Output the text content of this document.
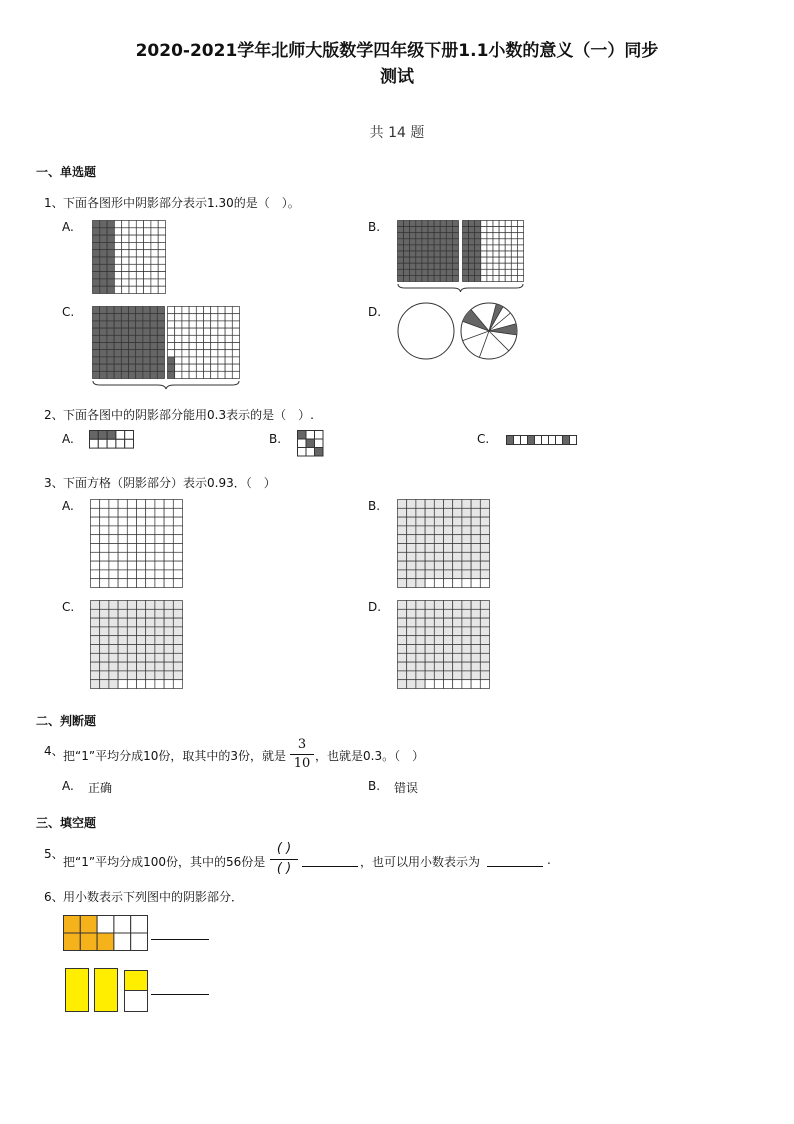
2020-2021学年北师大版数学四年级下册1.1小数的意义（一）同步
测试
共 14 题
一、单选题
1、 下面各图形中阴影部分表示1.30的是（　）。
A.	B.
C.	D.
2、 下面各图中的阴影部分能用0.3表示的是（　）.
A.	B.	C.
3、 下面方格（阴影部分）表示0.93．（　）
A.	B.
C.	D.
二、判断题
4、 把“1”平均分成10份，取其中的3份，就是
3
10 ，也就是0.3。（　）
A. 正确	B. 错误
三、填空题
5、
把“1”平均分成100份，其中的56份是
( )
( )	，也可以用小数表示为	.
6、 用小数表示下列图中的阴影部分．
